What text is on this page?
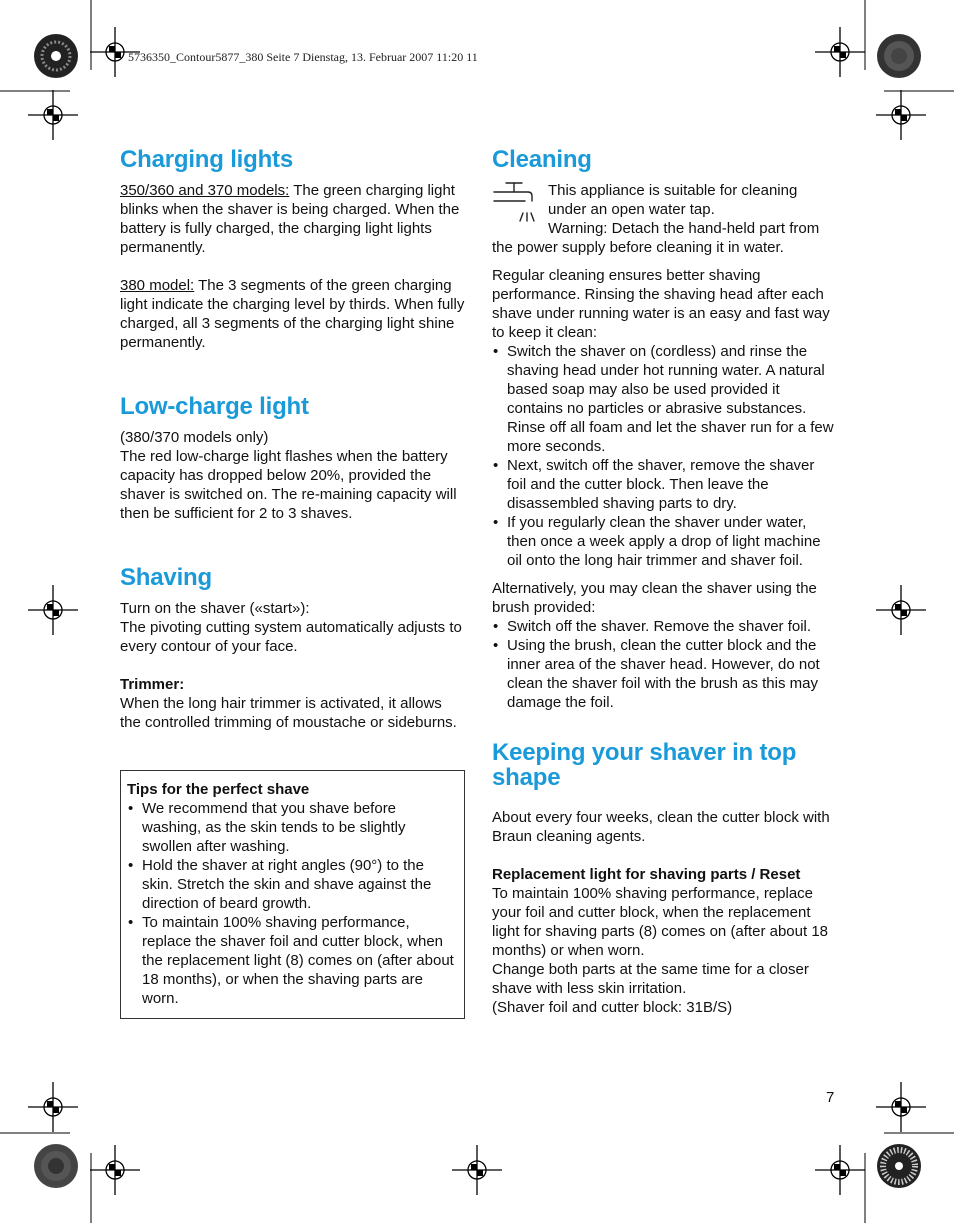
5736350_Contour5877_380 Seite 7 Dienstag, 13. Februar 2007 11:20 11
Charging lights

350/360 and 370 models: The green charging light blinks when the shaver is being charged. When the battery is fully charged, the charging light lights permanently.

380 model: The 3 segments of the green charging light indicate the charging level by thirds. When fully charged, all 3 segments of the charging light shine permanently.

Low-charge light

(380/370 models only)

The red low-charge light flashes when the battery capacity has dropped below 20%, provided the shaver is switched on. The re-maining capacity will then be sufficient for 2 to 3 shaves.

Shaving

Turn on the shaver («start»):

The pivoting cutting system automatically adjusts to every contour of your face.

Trimmer:

When the long hair trimmer is activated, it allows the controlled trimming of moustache or sideburns.

Tips for the perfect shave

• We recommend that you shave before washing, as the skin tends to be slightly swollen after washing.
• Hold the shaver at right angles (90°) to the skin. Stretch the skin and shave against the direction of beard growth.
• To maintain 100% shaving performance, replace the shaver foil and cutter block, when the replacement light (8) comes on (after about 18 months), or when the shaving parts are worn.
Cleaning

This appliance is suitable for cleaning under an open water tap.

Warning: Detach the hand-held part from the power supply before cleaning it in water.

Regular cleaning ensures better shaving performance. Rinsing the shaving head after each shave under running water is an easy and fast way to keep it clean:

• Switch the shaver on (cordless) and rinse the shaving head under hot running water. A natural based soap may also be used provided it contains no particles or abrasive substances. Rinse off all foam and let the shaver run for a few more seconds.
• Next, switch off the shaver, remove the shaver foil and the cutter block. Then leave the disassembled shaving parts to dry.
• If you regularly clean the shaver under water, then once a week apply a drop of light machine oil onto the long hair trimmer and shaver foil.

Alternatively, you may clean the shaver using the brush provided:

• Switch off the shaver. Remove the shaver foil.
• Using the brush, clean the cutter block and the inner area of the shaver head. However, do not clean the shaver foil with the brush as this may damage the foil.
Keeping your shaver in top shape

About every four weeks, clean the cutter block with Braun cleaning agents.

Replacement light for shaving parts / Reset

To maintain 100% shaving performance, replace your foil and cutter block, when the replacement light for shaving parts (8) comes on (after about 18 months) or when worn.

Change both parts at the same time for a closer shave with less skin irritation.

(Shaver foil and cutter block: 31B/S)

7
